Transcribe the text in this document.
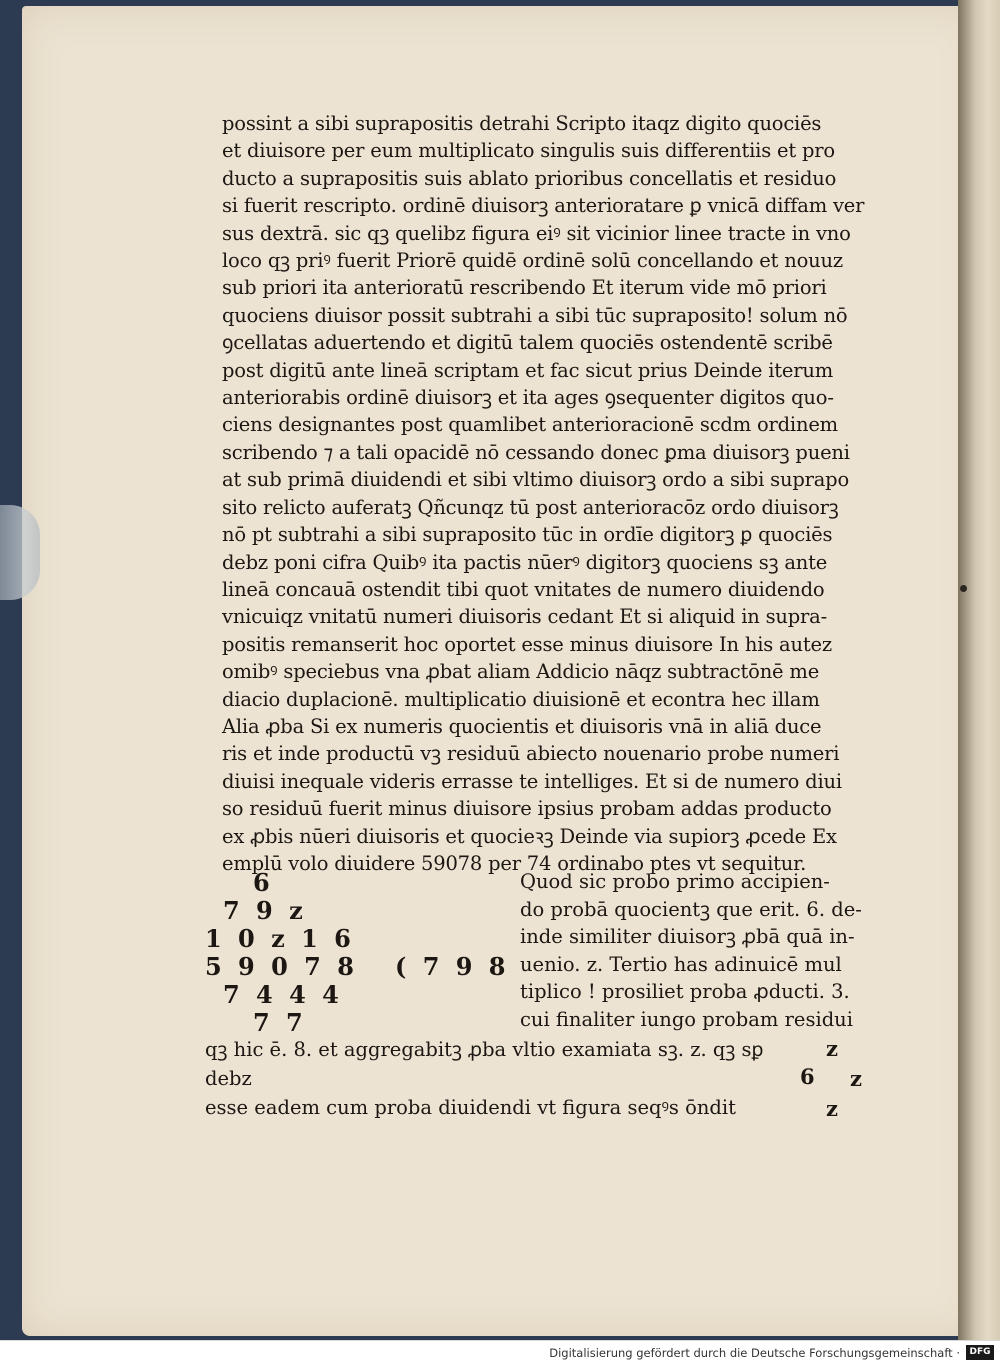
possint a sibi suprapositis detrahi Scripto itaqz digito quociēs
et diuisore per eum multiplicato singulis suis differentiis et pro
ducto a suprapositis suis ablato prioribus concellatis et residuo
si fuerit rescripto. ordinē diuisorꝫ anterioratare ꝑ vnicā diffam ver
sus dextrā. sic qꝫ quelibz figura eiꝰ sit vicinior linee tracte in vno
loco qꝫ priꝰ fuerit Priorē quidē ordinē solū concellando et nouuz
sub priori ita anterioratū rescribendo Et iterum vide mō priori
quociens diuisor possit subtrahi a sibi tūc supraposito! solum nō
ꝯcellatas aduertendo et digitū talem quociēs ostendentē scribē
post digitū ante lineā scriptam et fac sicut prius Deinde iterum
anteriorabis ordinē diuisorꝫ et ita ages ꝯsequenter digitos quo-
ciens designantes post quamlibet anterioracionē scdm ordinem
scribendo ⁊ a tali opacidē nō cessando donec ꝑma diuisorꝫ pueni
at sub primā diuidendi et sibi vltimo diuisorꝫ ordo a sibi suprapo
sito relicto auferatꝫ Qñcunqz tū post anterioracōz ordo diuisorꝫ
nō pt subtrahi a sibi supraposito tūc in ordīe digitorꝫ ꝑ quociēs
debz poni cifra Quibꝰ ita pactis nūerꝰ digitorꝫ quociens sꝫ ante
lineā concauā ostendit tibi quot vnitates de numero diuidendo
vnicuiqz vnitatū numeri diuisoris cedant Et si aliquid in supra-
positis remanserit hoc oportet esse minus diuisore In his autez
omibꝰ speciebus vna ꝓbat aliam Addicio nāqz subtractōnē me
diacio duplacionē. multiplicatio diuisionē et econtra hec illam
Alia ꝓba Si ex numeris quocientis et diuisoris vnā in aliā duce
ris et inde productū vꝫ residuū abiecto nouenario probe numeri
diuisi inequale videris errasse te intelliges. Et si de numero diui
so residuū fuerit minus diuisore ipsius probam addas producto
ex ꝓbis nūeri diuisoris et quocieꝛꝫ Deinde via supiorꝫ ꝓcede Ex
emplū volo diuidere 59078 per 74 ordinabo ptes vt sequitur.

6
7 9 z
1 0 z 1 6
5 9 0 7 8   ( 7 9 8
7 4 4 4
7 7

Quod sic probo primo accipien-
do probā quocientꝫ que erit. 6. de-
inde similiter diuisorꝫ ꝓbā quā in-
uenio. z. Tertio has adinuicē mul
tiplico ! prosiliet proba ꝓducti. 3.
cui finaliter iungo probam residui

qꝫ hic ē. 8. et aggregabitꝫ ꝓba vltio examiata sꝫ. z. qꝫ sꝑ debz
esse eadem cum proba diuidendi vt figura seqꝰs ōndit

z
6 z
z
Digitalisierung gefördert durch die Deutsche Forschungsgemeinschaft ·	DFG
